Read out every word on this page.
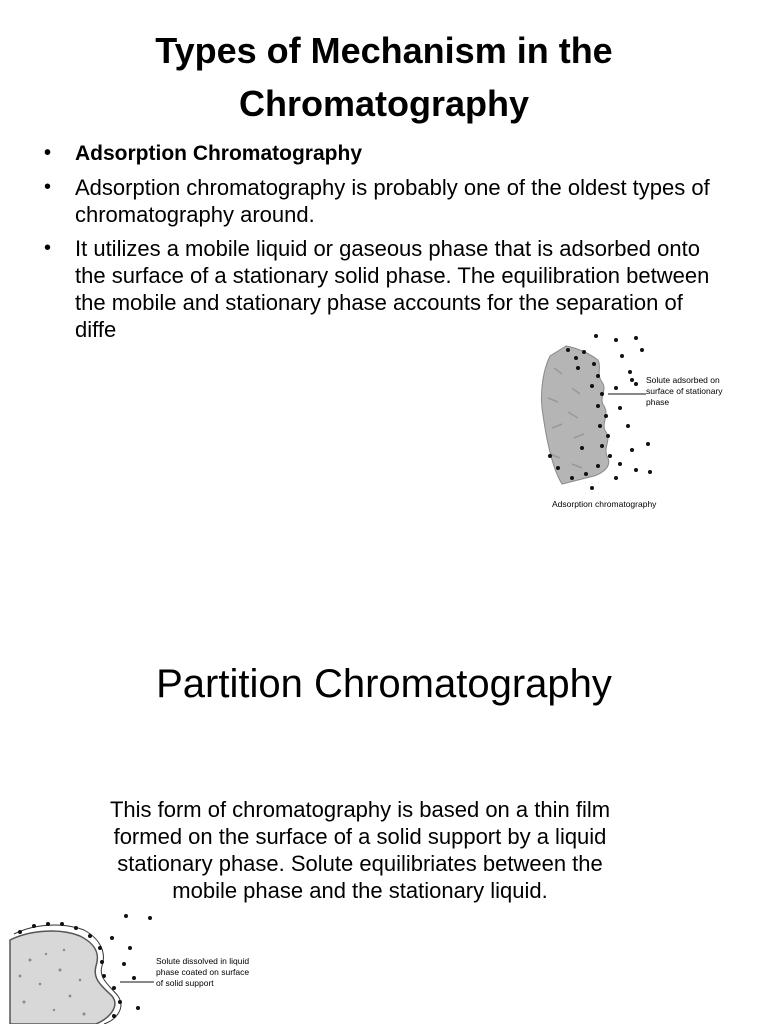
Types of Mechanism in the Chromatography
• Adsorption Chromatography
• Adsorption chromatography is probably one of the oldest types of chromatography around.
• It utilizes a mobile liquid or gaseous phase that is adsorbed onto the surface of a stationary solid phase. The equilibration between the mobile and stationary phase accounts for the separation of diffe

Solute adsorbed on surface of stationary phase

Adsorption chromatography

Partition Chromatography

This form of chromatography is based on a thin film formed on the surface of a solid support by a liquid stationary phase. Solute equilibriates between the mobile phase and the stationary liquid.

Solute dissolved in liquid phase coated on surface of solid support
